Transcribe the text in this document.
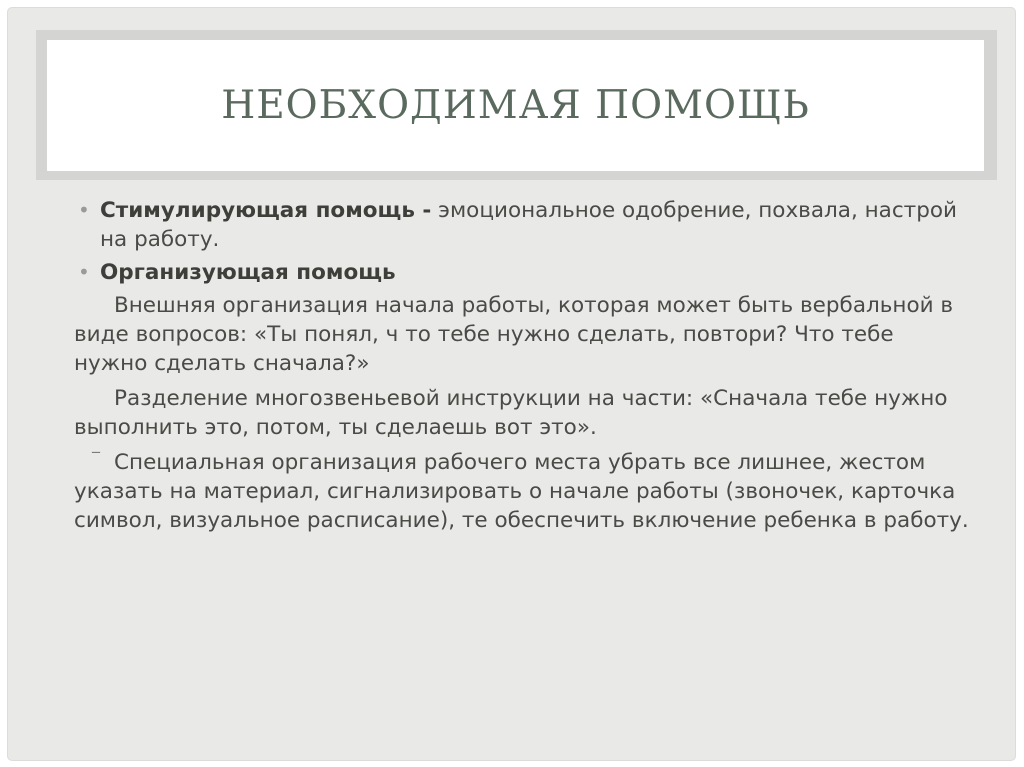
НЕОБХОДИМАЯ ПОМОЩЬ
• Стимулирующая помощь - эмоциональное одобрение, похвала, настрой на работу.
• Организующая помощь

Внешняя организация начала работы, которая может быть вербальной в виде вопросов: «Ты понял, ч то тебе нужно сделать, повтори? Что тебе нужно сделать сначала?»

Разделение многозвеньевой инструкции на части: «Сначала тебе нужно выполнить это, потом, ты сделаешь вот это».

‾ Специальная организация рабочего места убрать все лишнее, жестом указать на материал, сигнализировать о начале работы (звоночек, карточка символ, визуальное расписание), те обеспечить включение ребенка в работу.
